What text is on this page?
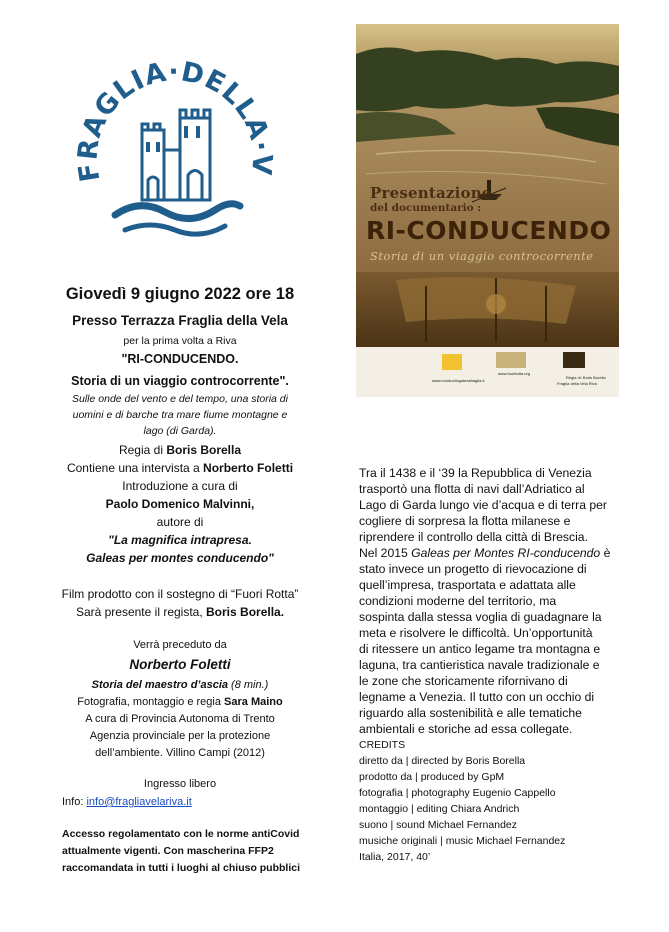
FRAGLIA·DELLA·V
Presentazione
del documentario :
RI-CONDUCENDO
Storia di un viaggio controcorrente
www.conductiogaleasfraglia.it
www.fuoritotta.org
Regia di: Boris Borella
Fraglia della Vela Riva
Giovedì 9 giugno 2022 ore 18
Presso Terrazza Fraglia della Vela
per la prima volta a Riva
"RI-CONDUCENDO.
Storia di un viaggio controcorrente".
Sulle onde del vento e del tempo, una storia di
uomini e di barche tra mare fiume montagne e
lago (di Garda).
Regia di Boris Borella
Contiene una intervista a Norberto Foletti
Introduzione a cura di
Paolo Domenico Malvinni,
autore di
"La magnifica intrapresa.
Galeas per montes conducendo"
Film prodotto con il sostegno di “Fuori Rotta”
Sarà presente il regista, Boris Borella.
Verrà preceduto da
Norberto Foletti
Storia del maestro d’ascia (8 min.)
Fotografia, montaggio e regia Sara Maino
A cura di Provincia Autonoma di Trento
Agenzia provinciale per la protezione
dell’ambiente. Villino Campi (2012)
Ingresso libero
Info: info@fragliavelariva.it
Accesso regolamentato con le norme antiCovid
attualmente vigenti. Con mascherina FFP2
raccomandata in tutti i luoghi al chiuso pubblici
Tra il 1438 e il ‘39 la Repubblica di Venezia
trasportò una flotta di navi dall’Adriatico al
Lago di Garda lungo vie d’acqua e di terra per
cogliere di sorpresa la flotta milanese e
riprendere il controllo della città di Brescia.
Nel 2015 Galeas per Montes RI-conducendo è
stato invece un progetto di rievocazione di
quell’impresa, trasportata e adattata alle
condizioni moderne del territorio, ma
sospinta dalla stessa voglia di guadagnare la
meta e risolvere le difficoltà. Un’opportunità
di ritessere un antico legame tra montagna e
laguna, tra cantieristica navale tradizionale e
le zone che storicamente rifornivano di
legname a Venezia. Il tutto con un occhio di
riguardo alla sostenibilità e alle tematiche
ambientali e storiche ad essa collegate.
CREDITS
diretto da | directed by Boris Borella
prodotto da | produced by GpM
fotografia | photography Eugenio Cappello
montaggio | editing Chiara Andrich
suono | sound Michael Fernandez
musiche originali | music Michael Fernandez
Italia, 2017, 40’
